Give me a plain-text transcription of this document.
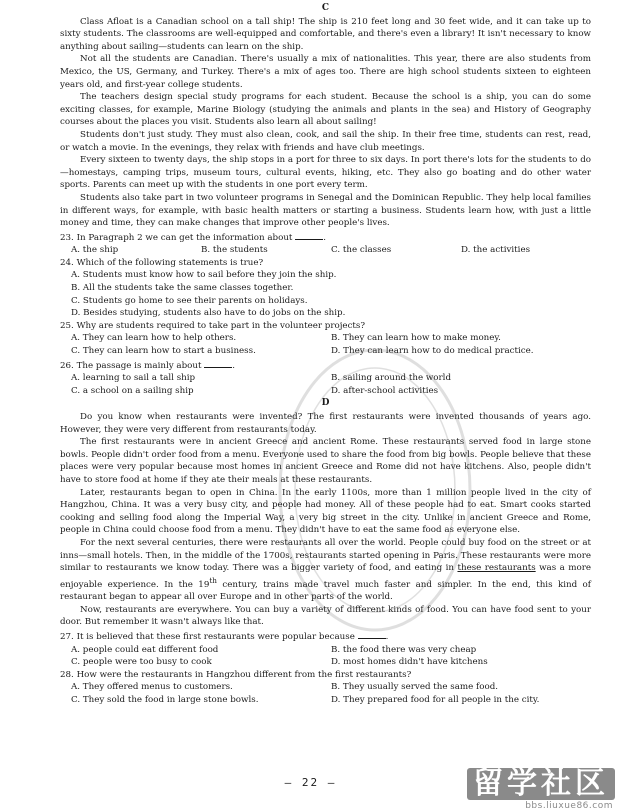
C

Class Afloat is a Canadian school on a tall ship! The ship is 210 feet long and 30 feet wide, and it can take up to sixty students. The classrooms are well-equipped and comfortable, and there's even a library! It isn't necessary to know anything about sailing—students can learn on the ship.

Not all the students are Canadian. There's usually a mix of nationalities. This year, there are also students from Mexico, the US, Germany, and Turkey. There's a mix of ages too. There are high school students sixteen to eighteen years old, and first-year college students.

The teachers design special study programs for each student. Because the school is a ship, you can do some exciting classes, for example, Marine Biology (studying the animals and plants in the sea) and History of Geography courses about the places you visit. Students also learn all about sailing!

Students don't just study. They must also clean, cook, and sail the ship. In their free time, students can rest, read, or watch a movie. In the evenings, they relax with friends and have club meetings.

Every sixteen to twenty days, the ship stops in a port for three to six days. In port there's lots for the students to do—homestays, camping trips, museum tours, cultural events, hiking, etc. They also go boating and do other water sports. Parents can meet up with the students in one port every term.

Students also take part in two volunteer programs in Senegal and the Dominican Republic. They help local families in different ways, for example, with basic health matters or starting a business. Students learn how, with just a little money and time, they can make changes that improve other people's lives.

23. In Paragraph 2 we can get the information about	.
A. the ship	B. the students	C. the classes	D. the activities
24. Which of the following statements is true?
A. Students must know how to sail before they join the ship.
B. All the students take the same classes together.
C. Students go home to see their parents on holidays.
D. Besides studying, students also have to do jobs on the ship.
25. Why are students required to take part in the volunteer projects?
A. They can learn how to help others.	B. They can learn how to make money.
C. They can learn how to start a business.	D. They can learn how to do medical practice.
26. The passage is mainly about	.
A. learning to sail a tall ship	B. sailing around the world
C. a school on a sailing ship	D. after-school activities
D

Do you know when restaurants were invented? The first restaurants were invented thousands of years ago. However, they were very different from restaurants today.

The first restaurants were in ancient Greece and ancient Rome. These restaurants served food in large stone bowls. People didn't order food from a menu. Everyone used to share the food from big bowls. People believe that these places were very popular because most homes in ancient Greece and Rome did not have kitchens. Also, people didn't have to store food at home if they ate their meals at these restaurants.

Later, restaurants began to open in China. In the early 1100s, more than 1 million people lived in the city of Hangzhou, China. It was a very busy city, and people had money. All of these people had to eat. Smart cooks started cooking and selling food along the Imperial Way, a very big street in the city. Unlike in ancient Greece and Rome, people in China could choose food from a menu. They didn't have to eat the same food as everyone else.

For the next several centuries, there were restaurants all over the world. People could buy food on the street or at inns—small hotels. Then, in the middle of the 1700s, restaurants started opening in Paris. These restaurants were more similar to restaurants we know today. There was a bigger variety of food, and eating in these restaurants was a more enjoyable experience. In the 19th century, trains made travel much faster and simpler. In the end, this kind of restaurant began to appear all over Europe and in other parts of the world.

Now, restaurants are everywhere. You can buy a variety of different kinds of food. You can have food sent to your door. But remember it wasn't always like that.

27. It is believed that these first restaurants were popular because	.
A. people could eat different food	B. the food there was very cheap
C. people were too busy to cook	D. most homes didn't have kitchens
28. How were the restaurants in Hangzhou different from the first restaurants?
A. They offered menus to customers.	B. They usually served the same food.
C. They sold the food in large stone bowls.	D. They prepared food for all people in the city.
— 22 —	留学社区
bbs.liuxue86.com
